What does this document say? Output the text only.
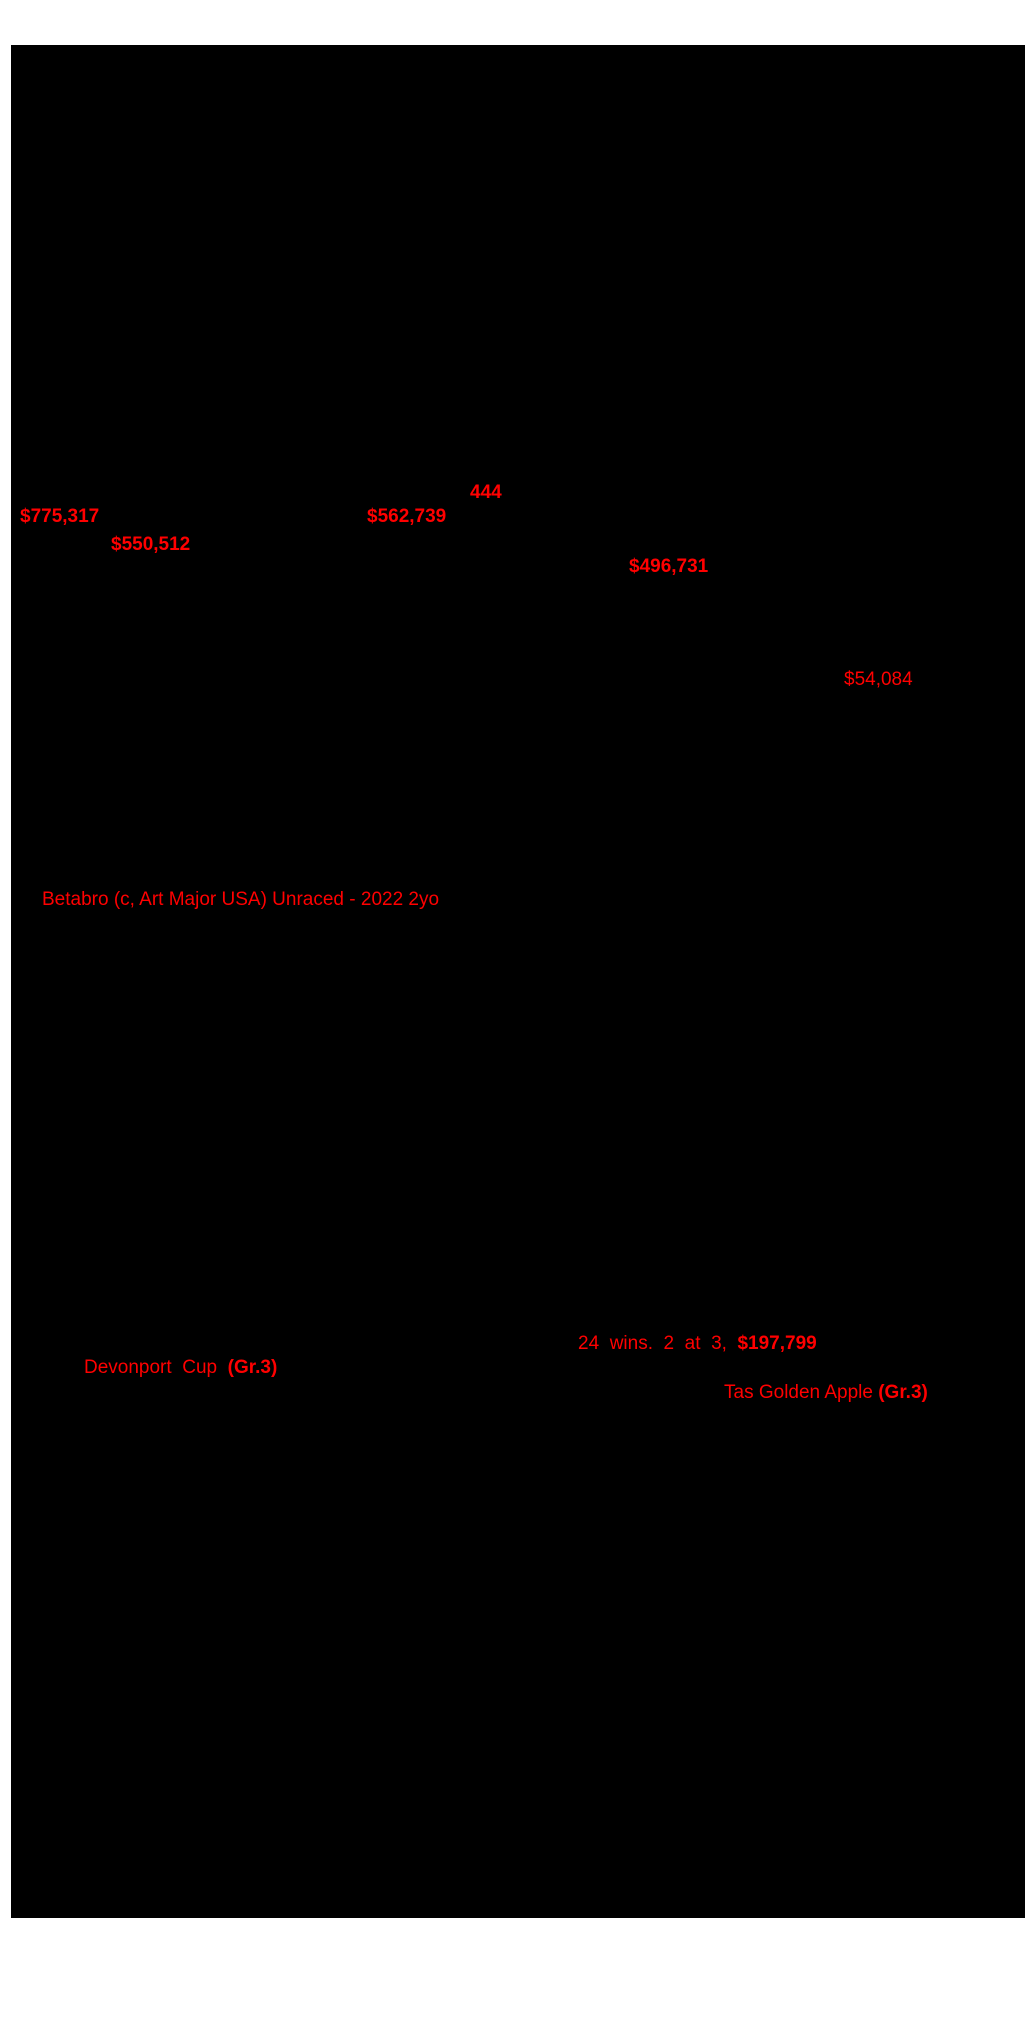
444
$775,317	$562,739
$550,512
$496,731
$54,084
Betabro (c, Art Major USA) Unraced - 2022 2yo
24  wins.  2  at  3,  $197,799
Devonport  Cup  (Gr.3)
Tas Golden Apple (Gr.3)
